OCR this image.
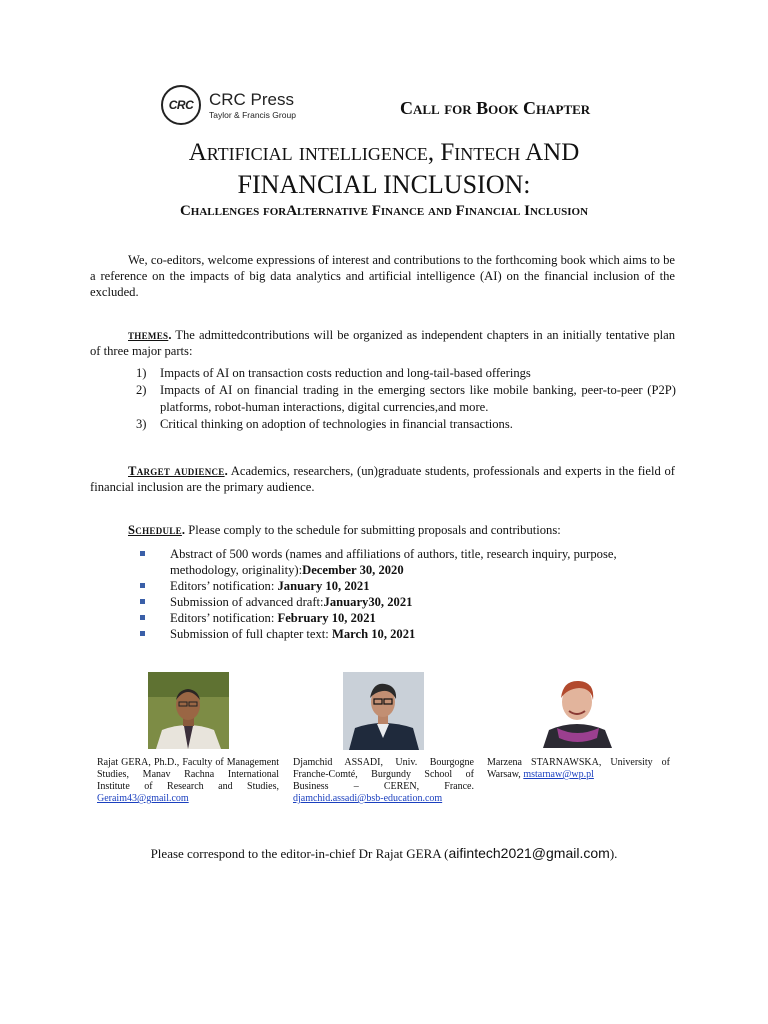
CRC CRC Press
Taylor & Francis Group	Call for Book Chapter
Artificial intelligence, Fintech AND
FINANCIAL INCLUSION:
Challenges forAlternative Finance and Financial Inclusion
We, co-editors, welcome expressions of interest and contributions to the forthcoming book which aims to be a reference on the impacts of big data analytics and artificial intelligence (AI) on the financial inclusion of the excluded.
themes. The admittedcontributions will be organized as independent chapters in an initially tentative plan of three major parts:
1) Impacts of AI on transaction costs reduction and long-tail-based offerings
2) Impacts of AI on financial trading in the emerging sectors like mobile banking, peer-to-peer (P2P) platforms, robot-human interactions, digital currencies,and more.
3) Critical thinking on adoption of technologies in financial transactions.
Target audience. Academics, researchers, (un)graduate students, professionals and experts in the field of financial inclusion are the primary audience.
Schedule. Please comply to the schedule for submitting proposals and contributions:
Abstract of 500 words (names and affiliations of authors, title, research inquiry, purpose, methodology, originality):December 30, 2020
Editors’ notification: January 10, 2021
Submission of advanced draft:January30, 2021
Editors’ notification: February 10, 2021
Submission of full chapter text: March 10, 2021
Rajat GERA, Ph.D., Faculty of Management Studies, Manav Rachna International Institute of Research and Studies, Geraim43@gmail.com
Djamchid ASSADI, Univ. Bourgogne Franche-Comté, Burgundy School of Business – CEREN, France. djamchid.assadi@bsb-education.com
Marzena STARNAWSKA, University of Warsaw, mstarnaw@wp.pl
Please correspond to the editor-in-chief Dr Rajat GERA (aifintech2021@gmail.com).
